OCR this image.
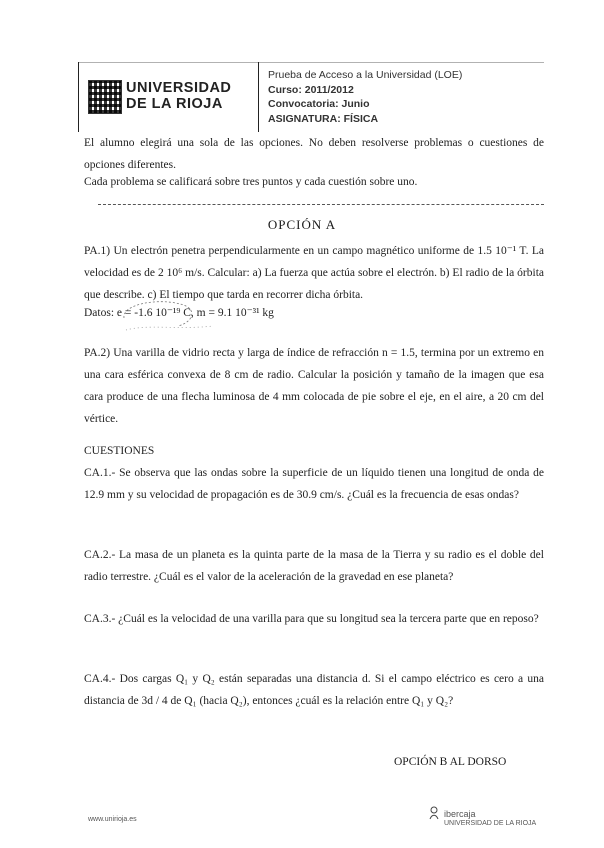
UNIVERSIDAD
DE LA RIOJA
Prueba de Acceso a la Universidad (LOE)
Curso: 2011/2012
Convocatoria: Junio
ASIGNATURA: FÍSICA

El alumno elegirá una sola de las opciones. No deben resolverse problemas o cuestiones de opciones diferentes.

Cada problema se calificará sobre tres puntos y cada cuestión sobre uno.

OPCIÓN A

PA.1) Un electrón penetra perpendicularmente en un campo magnético uniforme de 1.5 10⁻¹ T. La velocidad es de 2 10⁶ m/s. Calcular: a) La fuerza que actúa sobre el electrón. b) El radio de la órbita que describe. c) El tiempo que tarda en recorrer dicha órbita.

Datos: e = -1.6 10⁻¹⁹ C, m = 9.1 10⁻³¹ kg

PA.2) Una varilla de vidrio recta y larga de índice de refracción n = 1.5, termina por un extremo en una cara esférica convexa de 8 cm de radio. Calcular la posición y tamaño de la imagen que esa cara produce de una flecha luminosa de 4 mm colocada de pie sobre el eje, en el aire, a 20 cm del vértice.

CUESTIONES

CA.1.- Se observa que las ondas sobre la superficie de un líquido tienen una longitud de onda de 12.9 mm y su velocidad de propagación es de 30.9 cm/s. ¿Cuál es la frecuencia de esas ondas?

CA.2.- La masa de un planeta es la quinta parte de la masa de la Tierra y su radio es el doble del radio terrestre. ¿Cuál es el valor de la aceleración de la gravedad en ese planeta?

CA.3.- ¿Cuál es la velocidad de una varilla para que su longitud sea la tercera parte que en reposo?

CA.4.- Dos cargas Q₁ y Q₂ están separadas una distancia d. Si el campo eléctrico es cero a una distancia de 3d / 4 de Q₁ (hacia Q₂), entonces ¿cuál es la relación entre Q₁ y Q₂?

OPCIÓN B AL DORSO
www.unirioja.es
ibercaja
UNIVERSIDAD DE LA RIOJA
